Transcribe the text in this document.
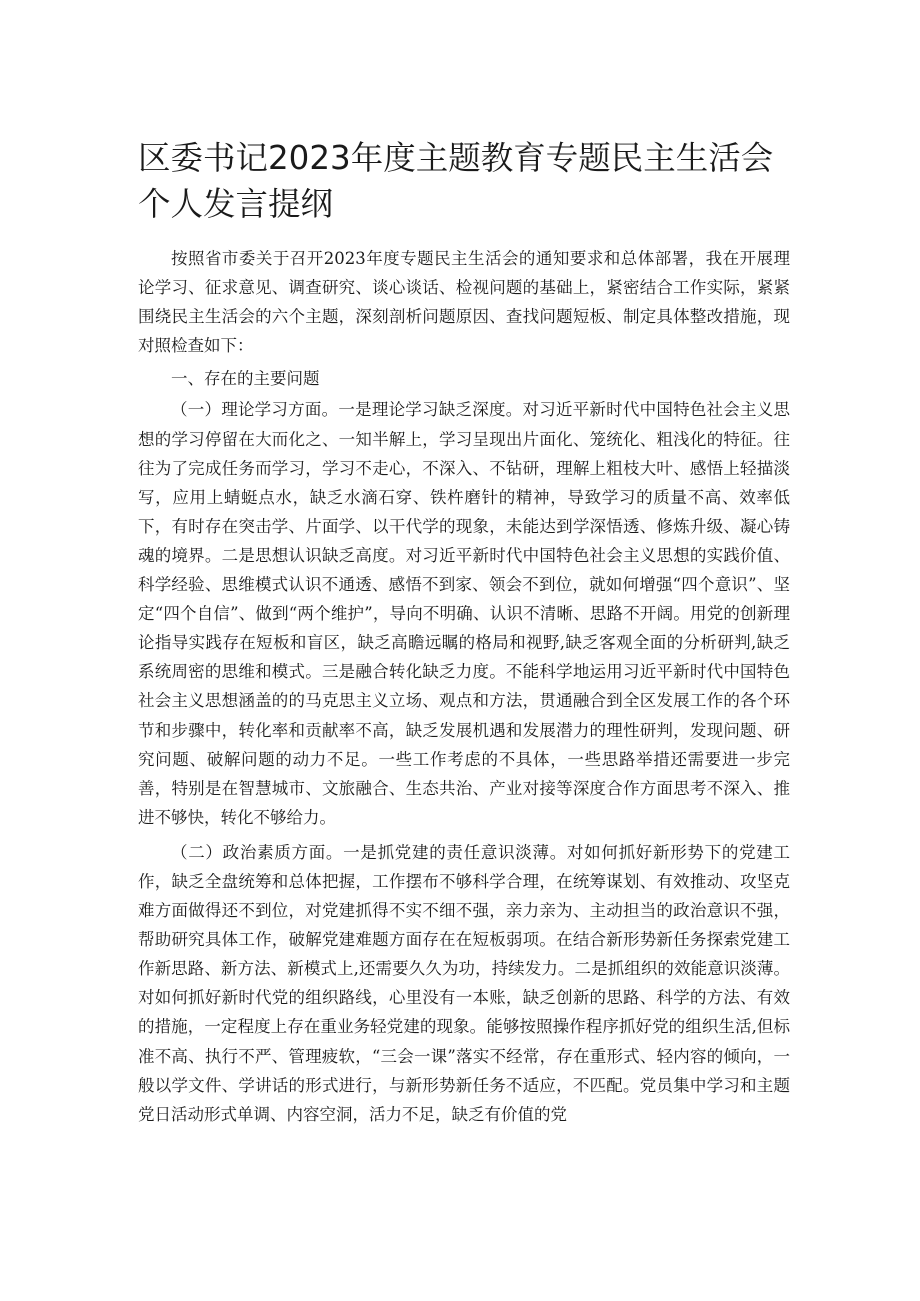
区委书记2023年度主题教育专题民主生活会个人发言提纲

按照省市委关于召开2023年度专题民主生活会的通知要求和总体部署，我在开展理论学习、征求意见、调查研究、谈心谈话、检视问题的基础上，紧密结合工作实际，紧紧围绕民主生活会的六个主题，深刻剖析问题原因、查找问题短板、制定具体整改措施，现对照检查如下：

一、存在的主要问题

（一）理论学习方面。一是理论学习缺乏深度。对习近平新时代中国特色社会主义思想的学习停留在大而化之、一知半解上，学习呈现出片面化、笼统化、粗浅化的特征。往往为了完成任务而学习，学习不走心，不深入、不钻研，理解上粗枝大叶、感悟上轻描淡写，应用上蜻蜓点水，缺乏水滴石穿、铁杵磨针的精神，导致学习的质量不高、效率低下，有时存在突击学、片面学、以干代学的现象，未能达到学深悟透、修炼升级、凝心铸魂的境界。二是思想认识缺乏高度。对习近平新时代中国特色社会主义思想的实践价值、科学经验、思维模式认识不通透、感悟不到家、领会不到位，就如何增强“四个意识”、坚定“四个自信”、做到“两个维护”，导向不明确、认识不清晰、思路不开阔。用党的创新理论指导实践存在短板和盲区，缺乏高瞻远瞩的格局和视野,缺乏客观全面的分析研判,缺乏系统周密的思维和模式。三是融合转化缺乏力度。不能科学地运用习近平新时代中国特色社会主义思想涵盖的的马克思主义立场、观点和方法，贯通融合到全区发展工作的各个环节和步骤中，转化率和贡献率不高，缺乏发展机遇和发展潜力的理性研判，发现问题、研究问题、破解问题的动力不足。一些工作考虑的不具体，一些思路举措还需要进一步完善，特别是在智慧城市、文旅融合、生态共治、产业对接等深度合作方面思考不深入、推进不够快，转化不够给力。

（二）政治素质方面。一是抓党建的责任意识淡薄。对如何抓好新形势下的党建工作，缺乏全盘统筹和总体把握，工作摆布不够科学合理，在统筹谋划、有效推动、攻坚克难方面做得还不到位，对党建抓得不实不细不强，亲力亲为、主动担当的政治意识不强，帮助研究具体工作，破解党建难题方面存在在短板弱项。在结合新形势新任务探索党建工作新思路、新方法、新模式上,还需要久久为功，持续发力。二是抓组织的效能意识淡薄。对如何抓好新时代党的组织路线，心里没有一本账，缺乏创新的思路、科学的方法、有效的措施，一定程度上存在重业务轻党建的现象。能够按照操作程序抓好党的组织生活,但标准不高、执行不严、管理疲软，“三会一课”落实不经常，存在重形式、轻内容的倾向，一般以学文件、学讲话的形式进行，与新形势新任务不适应，不匹配。党员集中学习和主题党日活动形式单调、内容空洞，活力不足，缺乏有价值的党
